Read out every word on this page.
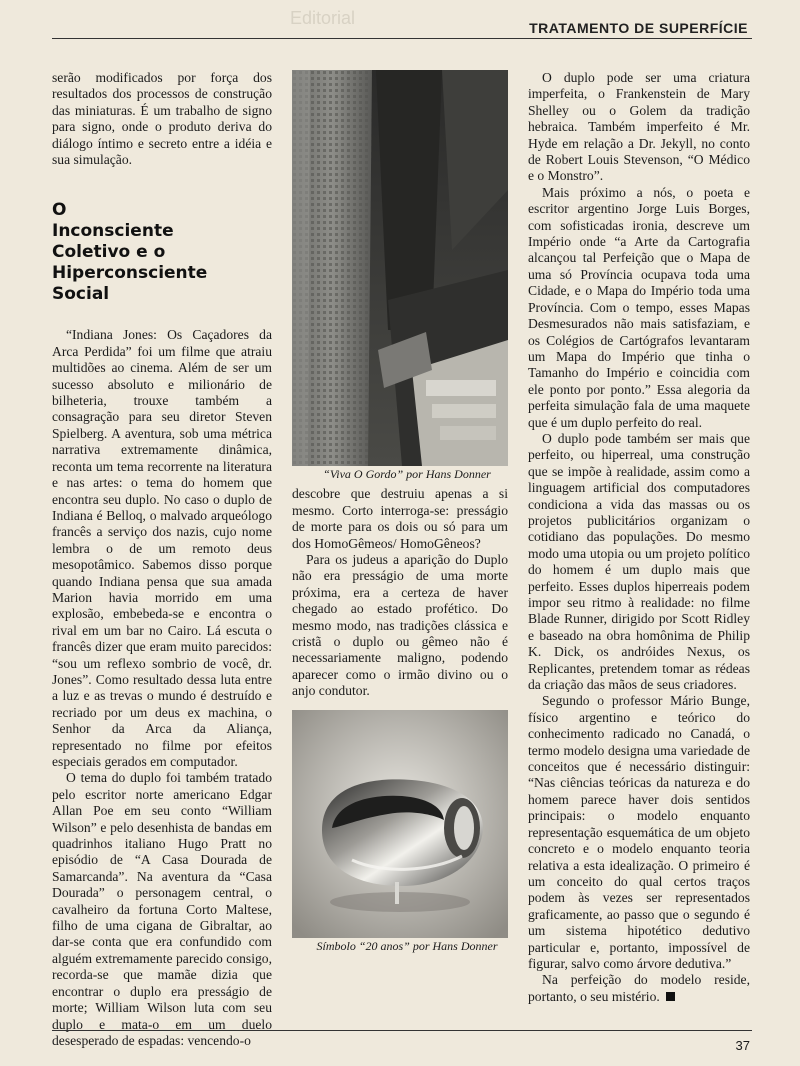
Editorial	TRATAMENTO DE SUPERFÍCIE

serão modificados por força dos resultados dos processos de construção das miniaturas. É um trabalho de signo para signo, onde o produto deriva do diálogo íntimo e secreto entre a idéia e sua simulação.

O
Inconsciente
Coletivo e o
Hiperconsciente
Social

“Indiana Jones: Os Caçadores da Arca Perdida” foi um filme que atraiu multidões ao cinema. Além de ser um sucesso absoluto e milionário de bilheteria, trouxe também a consagração para seu diretor Steven Spielberg. A aventura, sob uma métrica narrativa extremamente dinâmica, reconta um tema recorrente na literatura e nas artes: o tema do homem que encontra seu duplo. No caso o duplo de Indiana é Belloq, o malvado arqueólogo francês a serviço dos nazis, cujo nome lembra o de um remoto deus mesopotâmico. Sabemos disso porque quando Indiana pensa que sua amada Marion havia morrido em uma explosão, embebeda-se e encontra o rival em um bar no Cairo. Lá escuta o francês dizer que eram muito parecidos: “sou um reflexo sombrio de você, dr. Jones”. Como resultado dessa luta entre a luz e as trevas o mundo é destruído e recriado por um deus ex machina, o Senhor da Arca da Aliança, representado no filme por efeitos especiais gerados em computador.

O tema do duplo foi também tratado pelo escritor norte americano Edgar Allan Poe em seu conto “William Wilson” e pelo desenhista de bandas em quadrinhos italiano Hugo Pratt no episódio de “A Casa Dourada de Samarcanda”. Na aventura da “Casa Dourada” o personagem central, o cavalheiro da fortuna Corto Maltese, filho de uma cigana de Gibraltar, ao dar-se conta que era confundido com alguém extremamente parecido consigo, recorda-se que mamãe dizia que encontrar o duplo era presságio de morte; William Wilson luta com seu duplo e mata-o em um duelo desesperado de espadas: vencendo-o

“Viva O Gordo” por Hans Donner

descobre que destruiu apenas a si mesmo. Corto interroga-se: presságio de morte para os dois ou só para um dos HomoGêmeos/ HomoGêneos?

Para os judeus a aparição do Duplo não era presságio de uma morte próxima, era a certeza de haver chegado ao estado profético. Do mesmo modo, nas tradições clássica e cristã o duplo ou gêmeo não é necessariamente maligno, podendo aparecer como o irmão divino ou o anjo condutor.

Símbolo “20 anos” por Hans Donner

O duplo pode ser uma criatura imperfeita, o Frankenstein de Mary Shelley ou o Golem da tradição hebraica. Também imperfeito é Mr. Hyde em relação a Dr. Jekyll, no conto de Robert Louis Stevenson, “O Médico e o Monstro”.

Mais próximo a nós, o poeta e escritor argentino Jorge Luis Borges, com sofisticadas ironia, descreve um Império onde “a Arte da Cartografia alcançou tal Perfeição que o Mapa de uma só Província ocupava toda uma Cidade, e o Mapa do Império toda uma Província. Com o tempo, esses Mapas Desmesurados não mais satisfaziam, e os Colégios de Cartógrafos levantaram um Mapa do Império que tinha o Tamanho do Império e coincidia com ele ponto por ponto.” Essa alegoria da perfeita simulação fala de uma maquete que é um duplo perfeito do real.

O duplo pode também ser mais que perfeito, ou hiperreal, uma construção que se impõe à realidade, assim como a linguagem artificial dos computadores condiciona a vida das massas ou os projetos publicitários organizam o cotidiano das populações. Do mesmo modo uma utopia ou um projeto político do homem é um duplo mais que perfeito. Esses duplos hiperreais podem impor seu ritmo à realidade: no filme Blade Runner, dirigido por Scott Ridley e baseado na obra homônima de Philip K. Dick, os andróides Nexus, os Replicantes, pretendem tomar as rédeas da criação das mãos de seus criadores.

Segundo o professor Mário Bunge, físico argentino e teórico do conhecimento radicado no Canadá, o termo modelo designa uma variedade de conceitos que é necessário distinguir: “Nas ciências teóricas da natureza e do homem parece haver dois sentidos principais: o modelo enquanto representação esquemática de um objeto concreto e o modelo enquanto teoria relativa a esta idealização. O primeiro é um conceito do qual certos traços podem às vezes ser representados graficamente, ao passo que o segundo é um sistema hipotético dedutivo particular e, portanto, impossível de figurar, salvo como árvore dedutiva.”

Na perfeição do modelo reside, portanto, o seu mistério.

37
